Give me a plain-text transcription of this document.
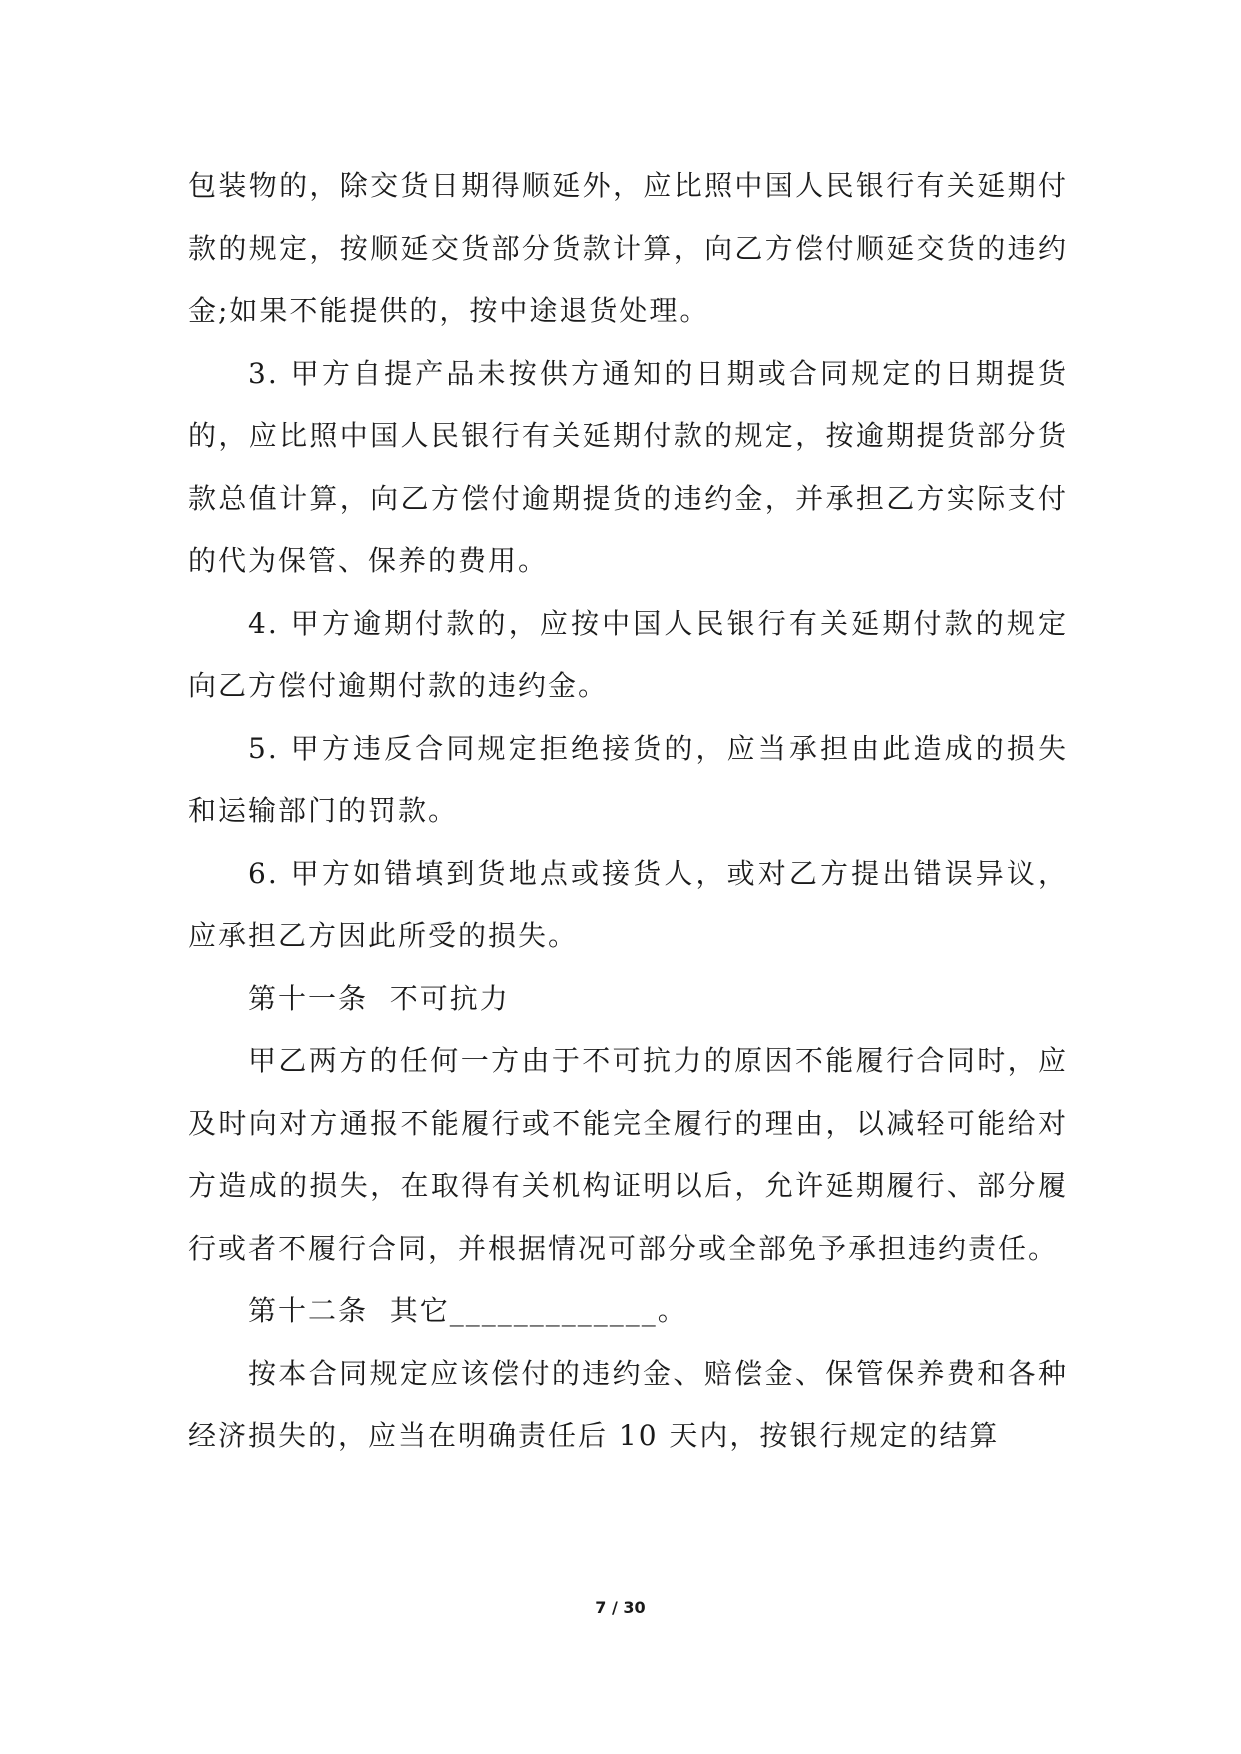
包装物的，除交货日期得顺延外，应比照中国人民银行有关延期付款的规定，按顺延交货部分货款计算，向乙方偿付顺延交货的违约金;如果不能提供的，按中途退货处理。

3. 甲方自提产品未按供方通知的日期或合同规定的日期提货的，应比照中国人民银行有关延期付款的规定，按逾期提货部分货款总值计算，向乙方偿付逾期提货的违约金，并承担乙方实际支付的代为保管、保养的费用。

4. 甲方逾期付款的，应按中国人民银行有关延期付款的规定向乙方偿付逾期付款的违约金。

5. 甲方违反合同规定拒绝接货的，应当承担由此造成的损失和运输部门的罚款。

6. 甲方如错填到货地点或接货人，或对乙方提出错误异议，应承担乙方因此所受的损失。

第十一条  不可抗力

甲乙两方的任何一方由于不可抗力的原因不能履行合同时，应及时向对方通报不能履行或不能完全履行的理由，以减轻可能给对方造成的损失，在取得有关机构证明以后，允许延期履行、部分履行或者不履行合同，并根据情况可部分或全部免予承担违约责任。

第十二条  其它_____________。

按本合同规定应该偿付的违约金、赔偿金、保管保养费和各种经济损失的，应当在明确责任后 10 天内，按银行规定的结算

7 / 30
